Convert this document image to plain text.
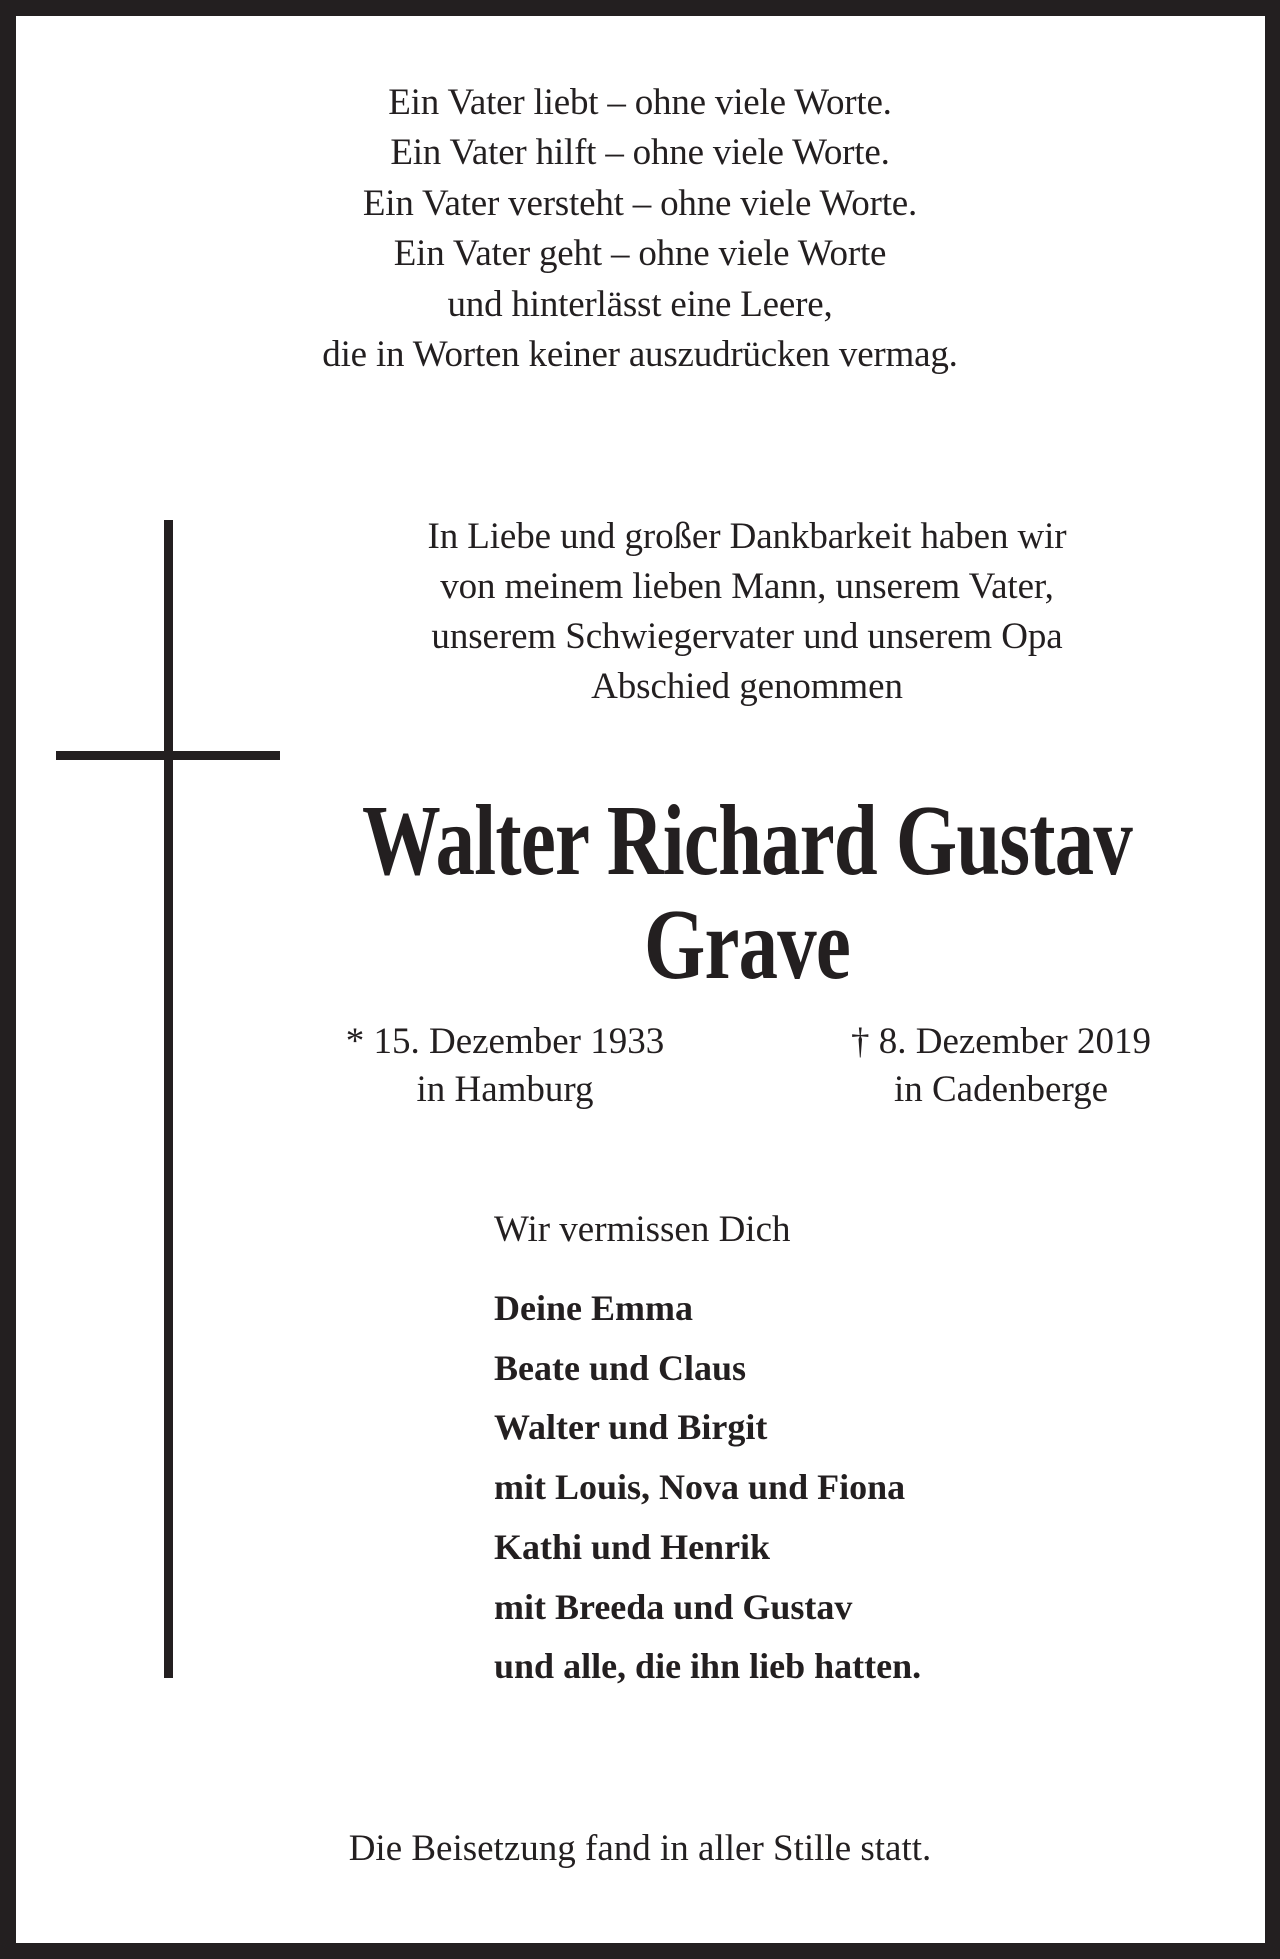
Ein Vater liebt – ohne viele Worte.
Ein Vater hilft – ohne viele Worte.
Ein Vater versteht – ohne viele Worte.
Ein Vater geht – ohne viele Worte
und hinterlässt eine Leere,
die in Worten keiner auszudrücken vermag.
In Liebe und großer Dankbarkeit haben wir
von meinem lieben Mann, unserem Vater,
unserem Schwiegervater und unserem Opa
Abschied genommen
Walter Richard Gustav
Grave
* 15. Dezember 1933
in Hamburg
† 8. Dezember 2019
in Cadenberge
Wir vermissen Dich
Deine Emma
Beate und Claus
Walter und Birgit
mit Louis, Nova und Fiona
Kathi und Henrik
mit Breeda und Gustav
und alle, die ihn lieb hatten.
Die Beisetzung fand in aller Stille statt.
